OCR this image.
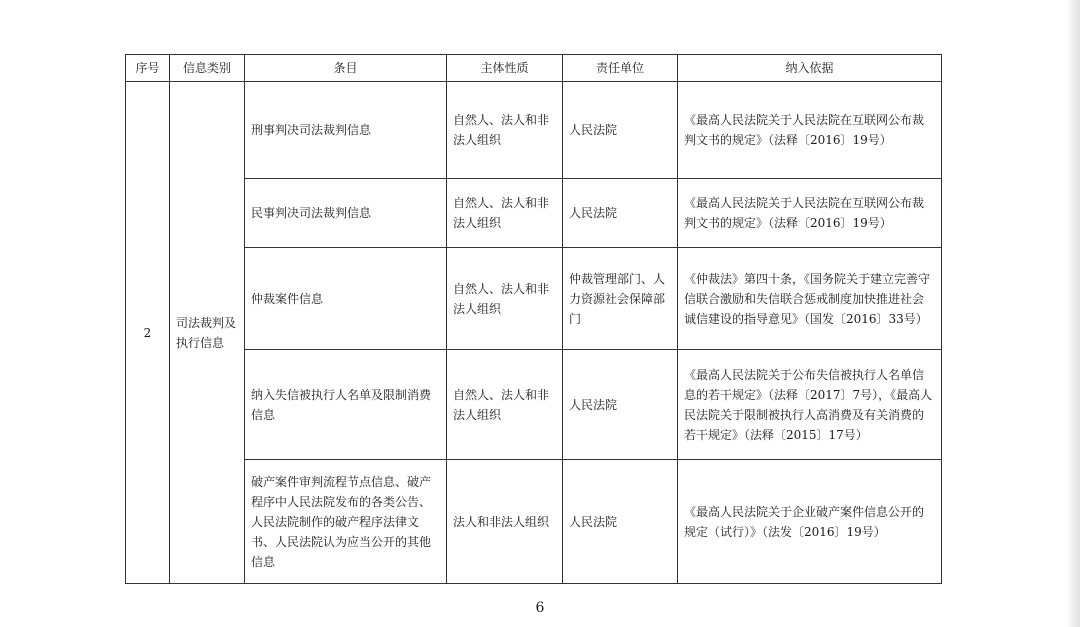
序号	信息类别	条目	主体性质	责任单位	纳入依据
2	司法裁判及执行信息	刑事判决司法裁判信息	自然人、法人和非法人组织	人民法院	《最高人民法院关于人民法院在互联网公布裁判文书的规定》（法释〔2016〕19号）
		民事判决司法裁判信息	自然人、法人和非法人组织	人民法院	《最高人民法院关于人民法院在互联网公布裁判文书的规定》（法释〔2016〕19号）
		仲裁案件信息	自然人、法人和非法人组织	仲裁管理部门、人力资源社会保障部门	《仲裁法》第四十条，《国务院关于建立完善守信联合激励和失信联合惩戒制度加快推进社会诚信建设的指导意见》（国发〔2016〕33号）
		纳入失信被执行人名单及限制消费信息	自然人、法人和非法人组织	人民法院	《最高人民法院关于公布失信被执行人名单信息的若干规定》（法释〔2017〕7号），《最高人民法院关于限制被执行人高消费及有关消费的若干规定》（法释〔2015〕17号）
		破产案件审判流程节点信息、破产程序中人民法院发布的各类公告、人民法院制作的破产程序法律文书、人民法院认为应当公开的其他信息	法人和非法人组织	人民法院	《最高人民法院关于企业破产案件信息公开的规定（试行）》（法发〔2016〕19号）
6
